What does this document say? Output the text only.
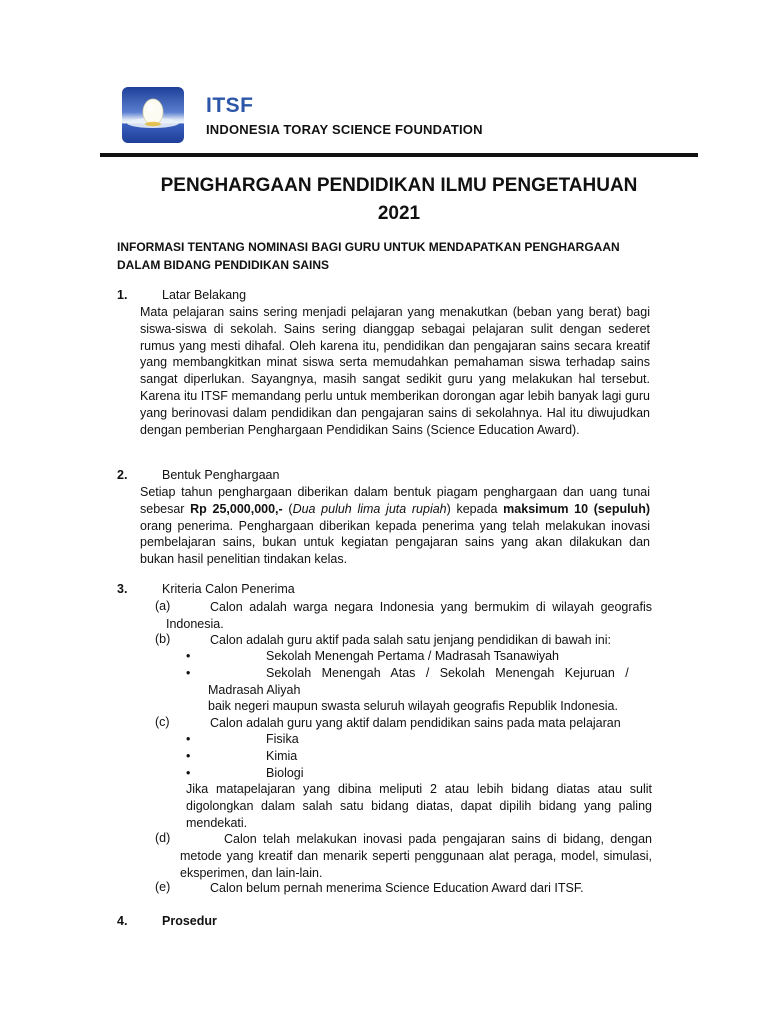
ITSF
INDONESIA TORAY SCIENCE FOUNDATION
PENGHARGAAN PENDIDIKAN ILMU PENGETAHUAN
2021
INFORMASI TENTANG NOMINASI BAGI GURU UNTUK MENDAPATKAN PENGHARGAAN
DALAM BIDANG PENDIDIKAN SAINS
1.	Latar Belakang
Mata pelajaran sains sering menjadi pelajaran yang menakutkan (beban yang berat) bagi siswa-siswa di sekolah. Sains sering dianggap sebagai pelajaran sulit dengan sederet rumus yang mesti dihafal. Oleh karena itu, pendidikan dan pengajaran sains secara kreatif yang membangkitkan minat siswa serta memudahkan pemahaman siswa terhadap sains sangat diperlukan. Sayangnya, masih sangat sedikit guru yang melakukan hal tersebut. Karena itu ITSF memandang perlu untuk memberikan dorongan agar lebih banyak lagi guru yang berinovasi dalam pendidikan dan pengajaran sains di sekolahnya. Hal itu diwujudkan dengan pemberian Penghargaan Pendidikan Sains (Science Education Award).
2.	Bentuk Penghargaan
Setiap tahun penghargaan diberikan dalam bentuk piagam penghargaan dan uang tunai sebesar Rp 25,000,000,- (Dua puluh lima juta rupiah) kepada maksimum 10 (sepuluh) orang penerima. Penghargaan diberikan kepada penerima yang telah melakukan inovasi pembelajaran sains, bukan untuk kegiatan pengajaran sains yang akan dilakukan dan bukan hasil penelitian tindakan kelas.
3.	Kriteria Calon Penerima
(a)	Calon adalah warga negara Indonesia yang bermukim di wilayah geografis Indonesia.
(b)	Calon adalah guru aktif pada salah satu jenjang pendidikan di bawah ini:
•	Sekolah Menengah Pertama / Madrasah Tsanawiyah
•	Sekolah   Menengah   Atas   /   Sekolah   Menengah   Kejuruan   /
Madrasah Aliyah
baik negeri maupun swasta seluruh wilayah geografis Republik Indonesia.
(c)	Calon adalah guru yang aktif dalam pendidikan sains pada mata pelajaran
•	Fisika
•	Kimia
•	Biologi
Jika matapelajaran yang dibina meliputi 2 atau lebih bidang diatas atau sulit digolongkan dalam salah satu bidang diatas, dapat dipilih bidang yang paling mendekati.
(d)	Calon telah melakukan inovasi pada pengajaran sains di bidang, dengan metode yang kreatif dan menarik seperti penggunaan alat peraga, model, simulasi, eksperimen, dan lain-lain.
(e)	Calon belum pernah menerima Science Education Award dari ITSF.
4.	Prosedur
